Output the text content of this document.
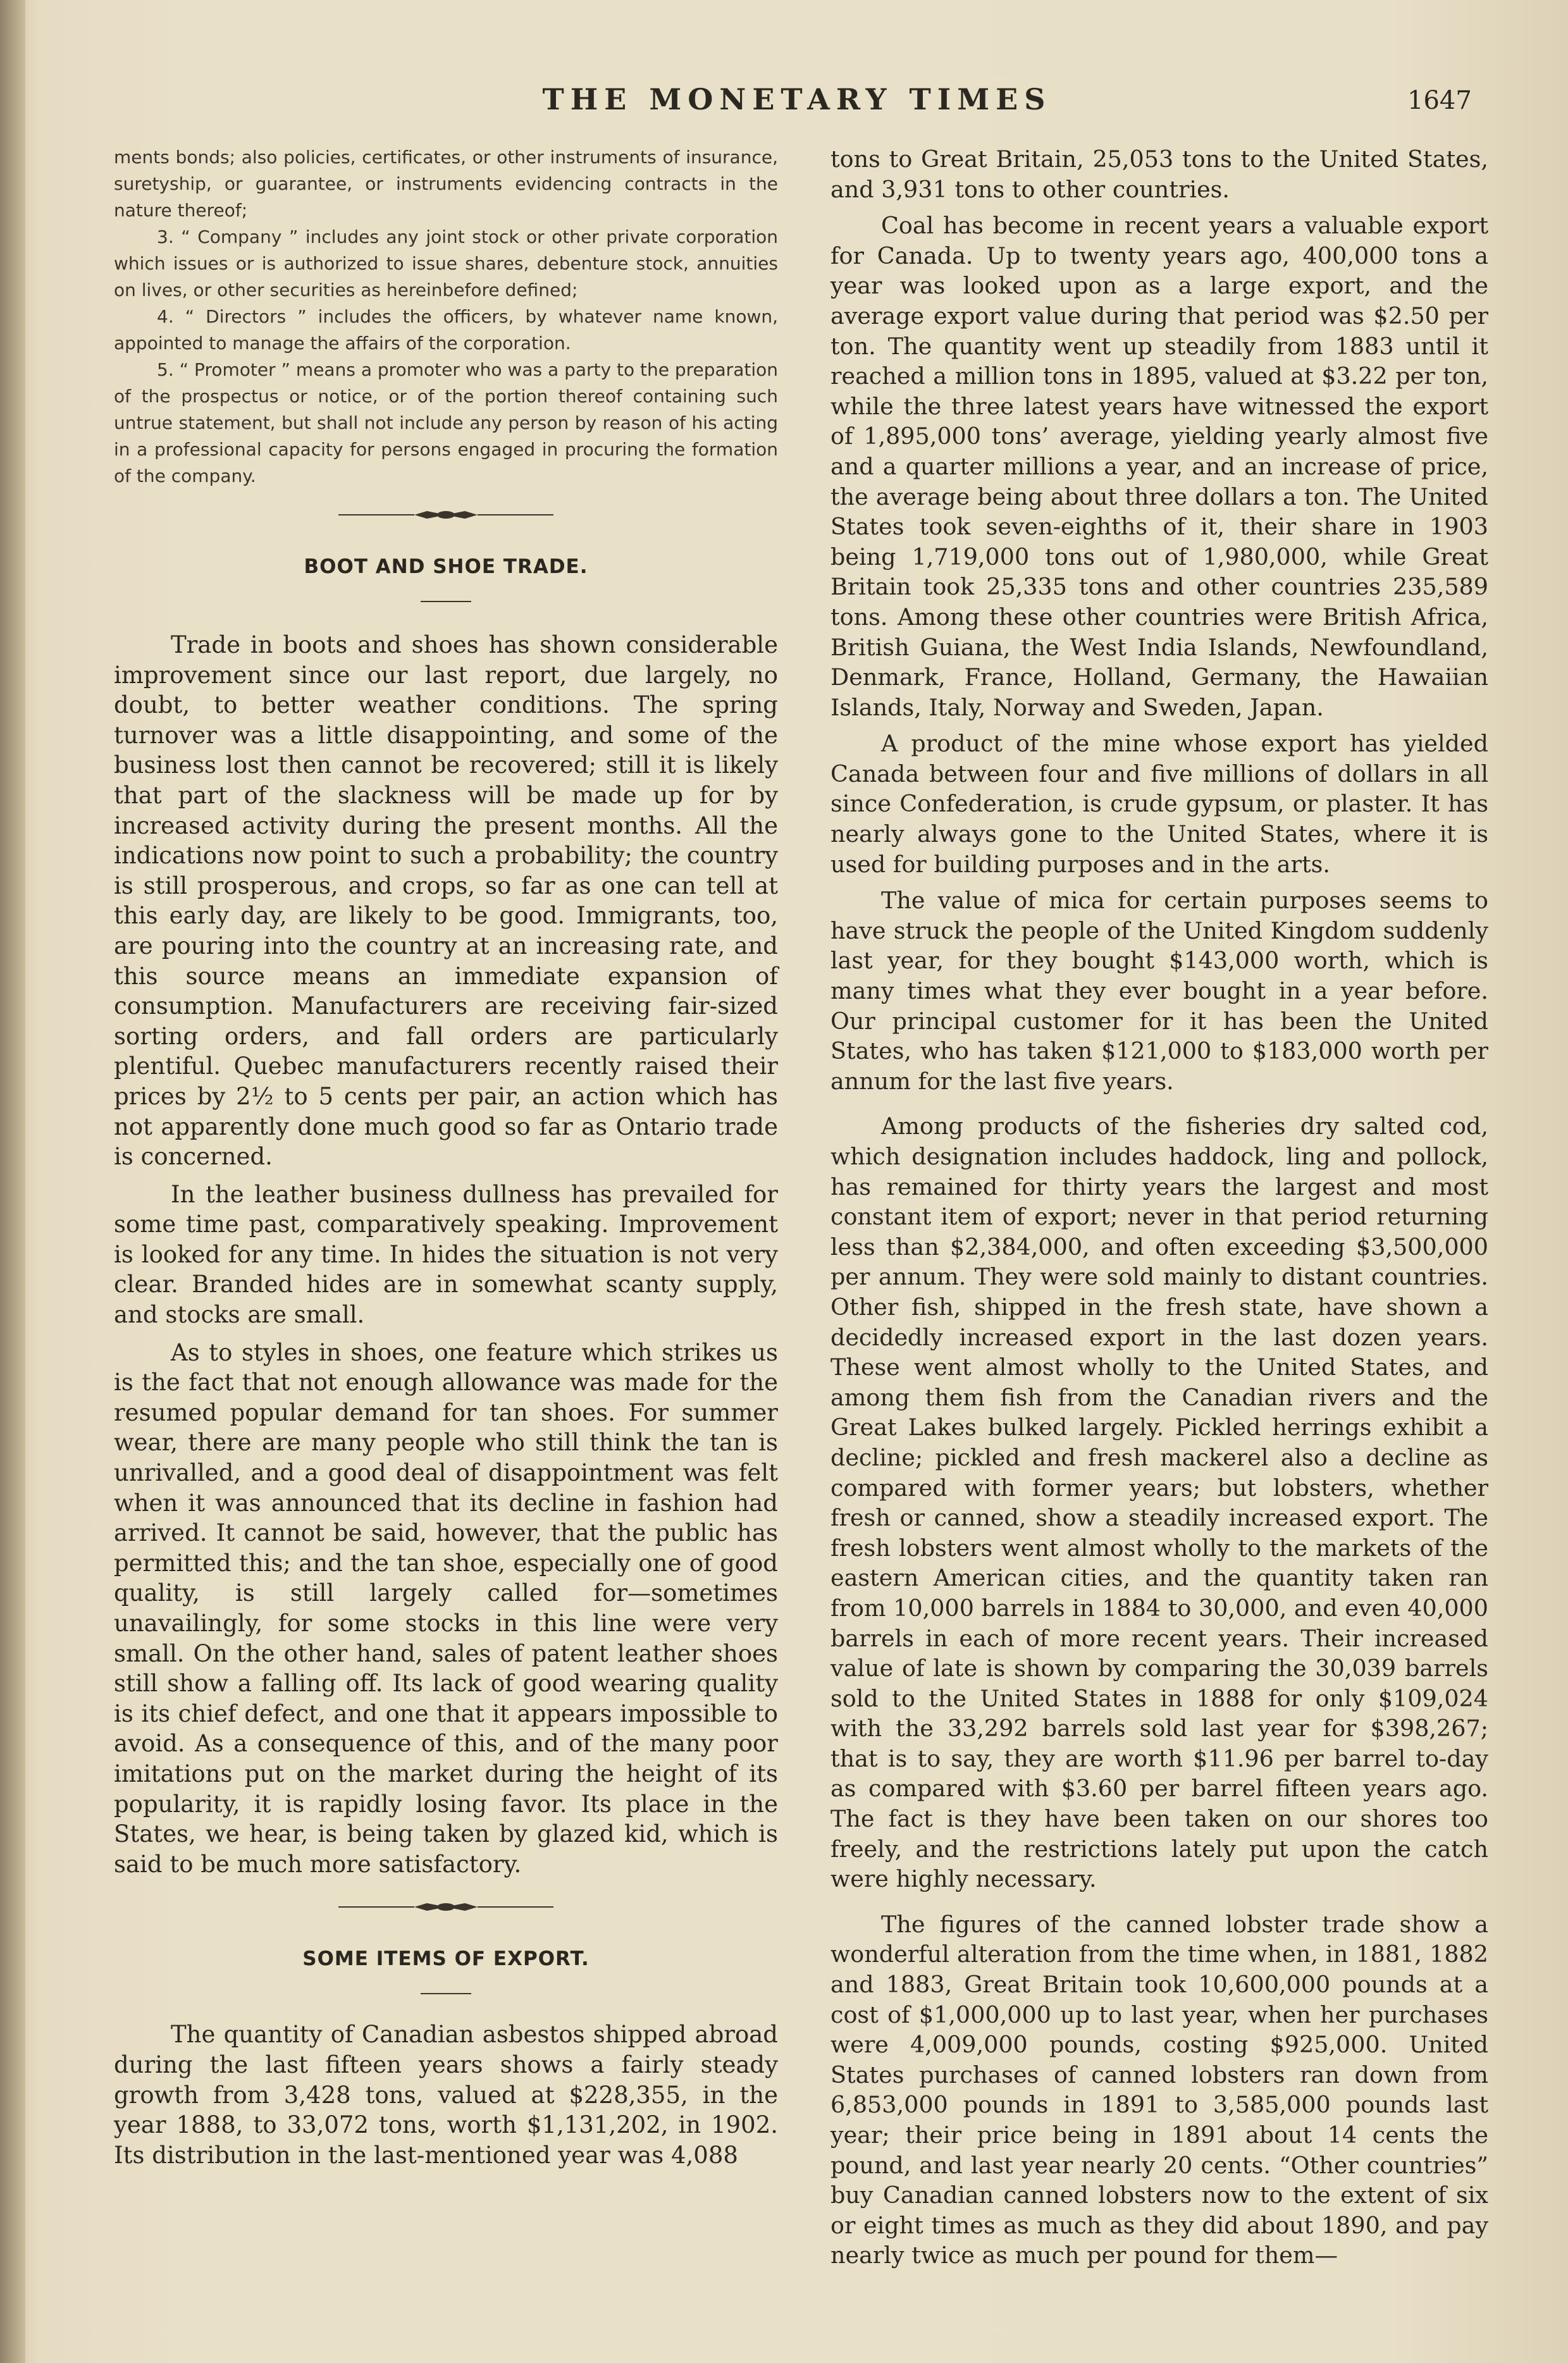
THE MONETARY TIMES	1647

ments bonds; also policies, certificates, or other instruments of insurance, suretyship, or guarantee, or instruments evidencing contracts in the nature thereof;

3. “ Company ” includes any joint stock or other private corporation which issues or is authorized to issue shares, debenture stock, annuities on lives, or other securities as hereinbefore defined;

4. “ Directors ” includes the officers, by whatever name known, appointed to manage the affairs of the corporation.

5. “ Promoter ” means a promoter who was a party to the preparation of the prospectus or notice, or of the portion thereof containing such untrue statement, but shall not include any person by reason of his acting in a professional capacity for persons engaged in procuring the formation of the company.

BOOT AND SHOE TRADE.

Trade in boots and shoes has shown considerable improvement since our last report, due largely, no doubt, to better weather conditions. The spring turnover was a little disappointing, and some of the business lost then cannot be recovered; still it is likely that part of the slackness will be made up for by increased activity during the present months. All the indications now point to such a probability; the country is still prosperous, and crops, so far as one can tell at this early day, are likely to be good. Immigrants, too, are pouring into the country at an increasing rate, and this source means an immediate expansion of consumption. Manufacturers are receiving fair-sized sorting orders, and fall orders are particularly plentiful. Quebec manufacturers recently raised their prices by 2½ to 5 cents per pair, an action which has not apparently done much good so far as Ontario trade is concerned.

In the leather business dullness has prevailed for some time past, comparatively speaking. Improvement is looked for any time. In hides the situation is not very clear. Branded hides are in somewhat scanty supply, and stocks are small.

As to styles in shoes, one feature which strikes us is the fact that not enough allowance was made for the resumed popular demand for tan shoes. For summer wear, there are many people who still think the tan is unrivalled, and a good deal of disappointment was felt when it was announced that its decline in fashion had arrived. It cannot be said, however, that the public has permitted this; and the tan shoe, especially one of good quality, is still largely called for—sometimes unavailingly, for some stocks in this line were very small. On the other hand, sales of patent leather shoes still show a falling off. Its lack of good wearing quality is its chief defect, and one that it appears impossible to avoid. As a consequence of this, and of the many poor imitations put on the market during the height of its popularity, it is rapidly losing favor. Its place in the States, we hear, is being taken by glazed kid, which is said to be much more satisfactory.

SOME ITEMS OF EXPORT.

The quantity of Canadian asbestos shipped abroad during the last fifteen years shows a fairly steady growth from 3,428 tons, valued at $228,355, in the year 1888, to 33,072 tons, worth $1,131,202, in 1902. Its distribution in the last-mentioned year was 4,088

tons to Great Britain, 25,053 tons to the United States, and 3,931 tons to other countries.

Coal has become in recent years a valuable export for Canada. Up to twenty years ago, 400,000 tons a year was looked upon as a large export, and the average export value during that period was $2.50 per ton. The quantity went up steadily from 1883 until it reached a million tons in 1895, valued at $3.22 per ton, while the three latest years have witnessed the export of 1,895,000 tons’ average, yielding yearly almost five and a quarter millions a year, and an increase of price, the average being about three dollars a ton. The United States took seven-eighths of it, their share in 1903 being 1,719,000 tons out of 1,980,000, while Great Britain took 25,335 tons and other countries 235,589 tons. Among these other countries were British Africa, British Guiana, the West India Islands, Newfoundland, Denmark, France, Holland, Germany, the Hawaiian Islands, Italy, Norway and Sweden, Japan.

A product of the mine whose export has yielded Canada between four and five millions of dollars in all since Confederation, is crude gypsum, or plaster. It has nearly always gone to the United States, where it is used for building purposes and in the arts.

The value of mica for certain purposes seems to have struck the people of the United Kingdom suddenly last year, for they bought $143,000 worth, which is many times what they ever bought in a year before. Our principal customer for it has been the United States, who has taken $121,000 to $183,000 worth per annum for the last five years.

Among products of the fisheries dry salted cod, which designation includes haddock, ling and pollock, has remained for thirty years the largest and most constant item of export; never in that period returning less than $2,384,000, and often exceeding $3,500,000 per annum. They were sold mainly to distant countries. Other fish, shipped in the fresh state, have shown a decidedly increased export in the last dozen years. These went almost wholly to the United States, and among them fish from the Canadian rivers and the Great Lakes bulked largely. Pickled herrings exhibit a decline; pickled and fresh mackerel also a decline as compared with former years; but lobsters, whether fresh or canned, show a steadily increased export. The fresh lobsters went almost wholly to the markets of the eastern American cities, and the quantity taken ran from 10,000 barrels in 1884 to 30,000, and even 40,000 barrels in each of more recent years. Their increased value of late is shown by comparing the 30,039 barrels sold to the United States in 1888 for only $109,024 with the 33,292 barrels sold last year for $398,267; that is to say, they are worth $11.96 per barrel to-day as compared with $3.60 per barrel fifteen years ago. The fact is they have been taken on our shores too freely, and the restrictions lately put upon the catch were highly necessary.

The figures of the canned lobster trade show a wonderful alteration from the time when, in 1881, 1882 and 1883, Great Britain took 10,600,000 pounds at a cost of $1,000,000 up to last year, when her purchases were 4,009,000 pounds, costing $925,000. United States purchases of canned lobsters ran down from 6,853,000 pounds in 1891 to 3,585,000 pounds last year; their price being in 1891 about 14 cents the pound, and last year nearly 20 cents. “Other countries” buy Canadian canned lobsters now to the extent of six or eight times as much as they did about 1890, and pay nearly twice as much per pound for them—
